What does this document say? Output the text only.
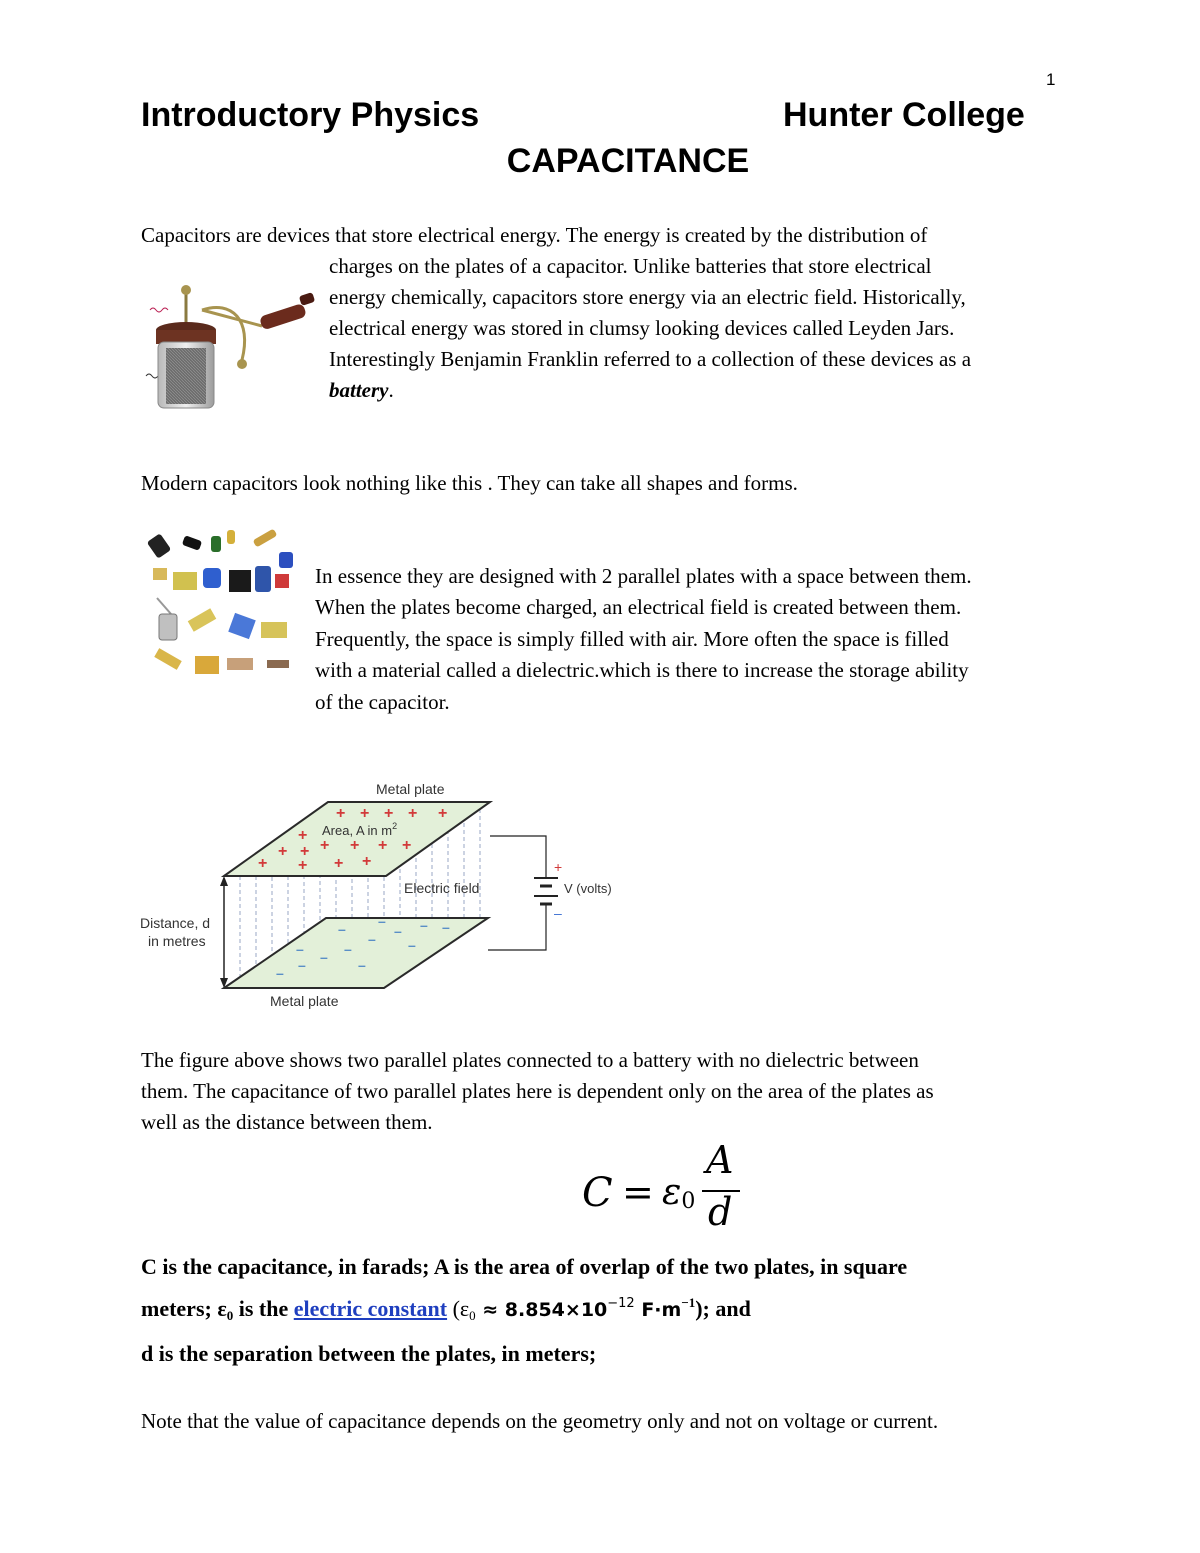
1
Introductory Physics	Hunter College
CAPACITANCE
Capacitors are devices that store electrical energy. The energy is created by the distribution of
charges on the plates of a capacitor. Unlike batteries that store electrical
energy chemically, capacitors store energy via an electric field. Historically,
electrical energy was stored in clumsy looking devices called Leyden Jars.
Interestingly Benjamin Franklin referred to a collection of these devices as a
battery.
Modern capacitors look nothing like this . They can take all shapes and forms.
In essence they are designed with 2 parallel plates with a space between them.
When the plates become charged, an electrical field is created between them.
Frequently, the space is simply filled with air. More often the space is filled
with a material called a dielectric.which is there to increase the storage ability
of the capacitor.
– – – –
– – –
–
– –
–
–
–
+ + + + +
+
+ + + + + +
+ + + +
Area, A in $m^2$
Metal plate
Electric field
Metal plate
Distance, d
in metres
+
–
V (volts)
The figure above shows two parallel plates connected to a battery with no dielectric between
them. The capacitance of two parallel plates here is dependent only on the area of the plates as
well as the distance between them.
$C = \varepsilon_0$
A
d
C is the capacitance, in farads; A is the area of overlap of the two plates, in square
meters; $\varepsilon_0$ is the electric constant ($\varepsilon_0 \approx 8.854\times 10^{-12}$ $F\cdot m^{-1}$); and
d is the separation between the plates, in meters;
Note that the value of capacitance depends on the geometry only and not on voltage or current.
